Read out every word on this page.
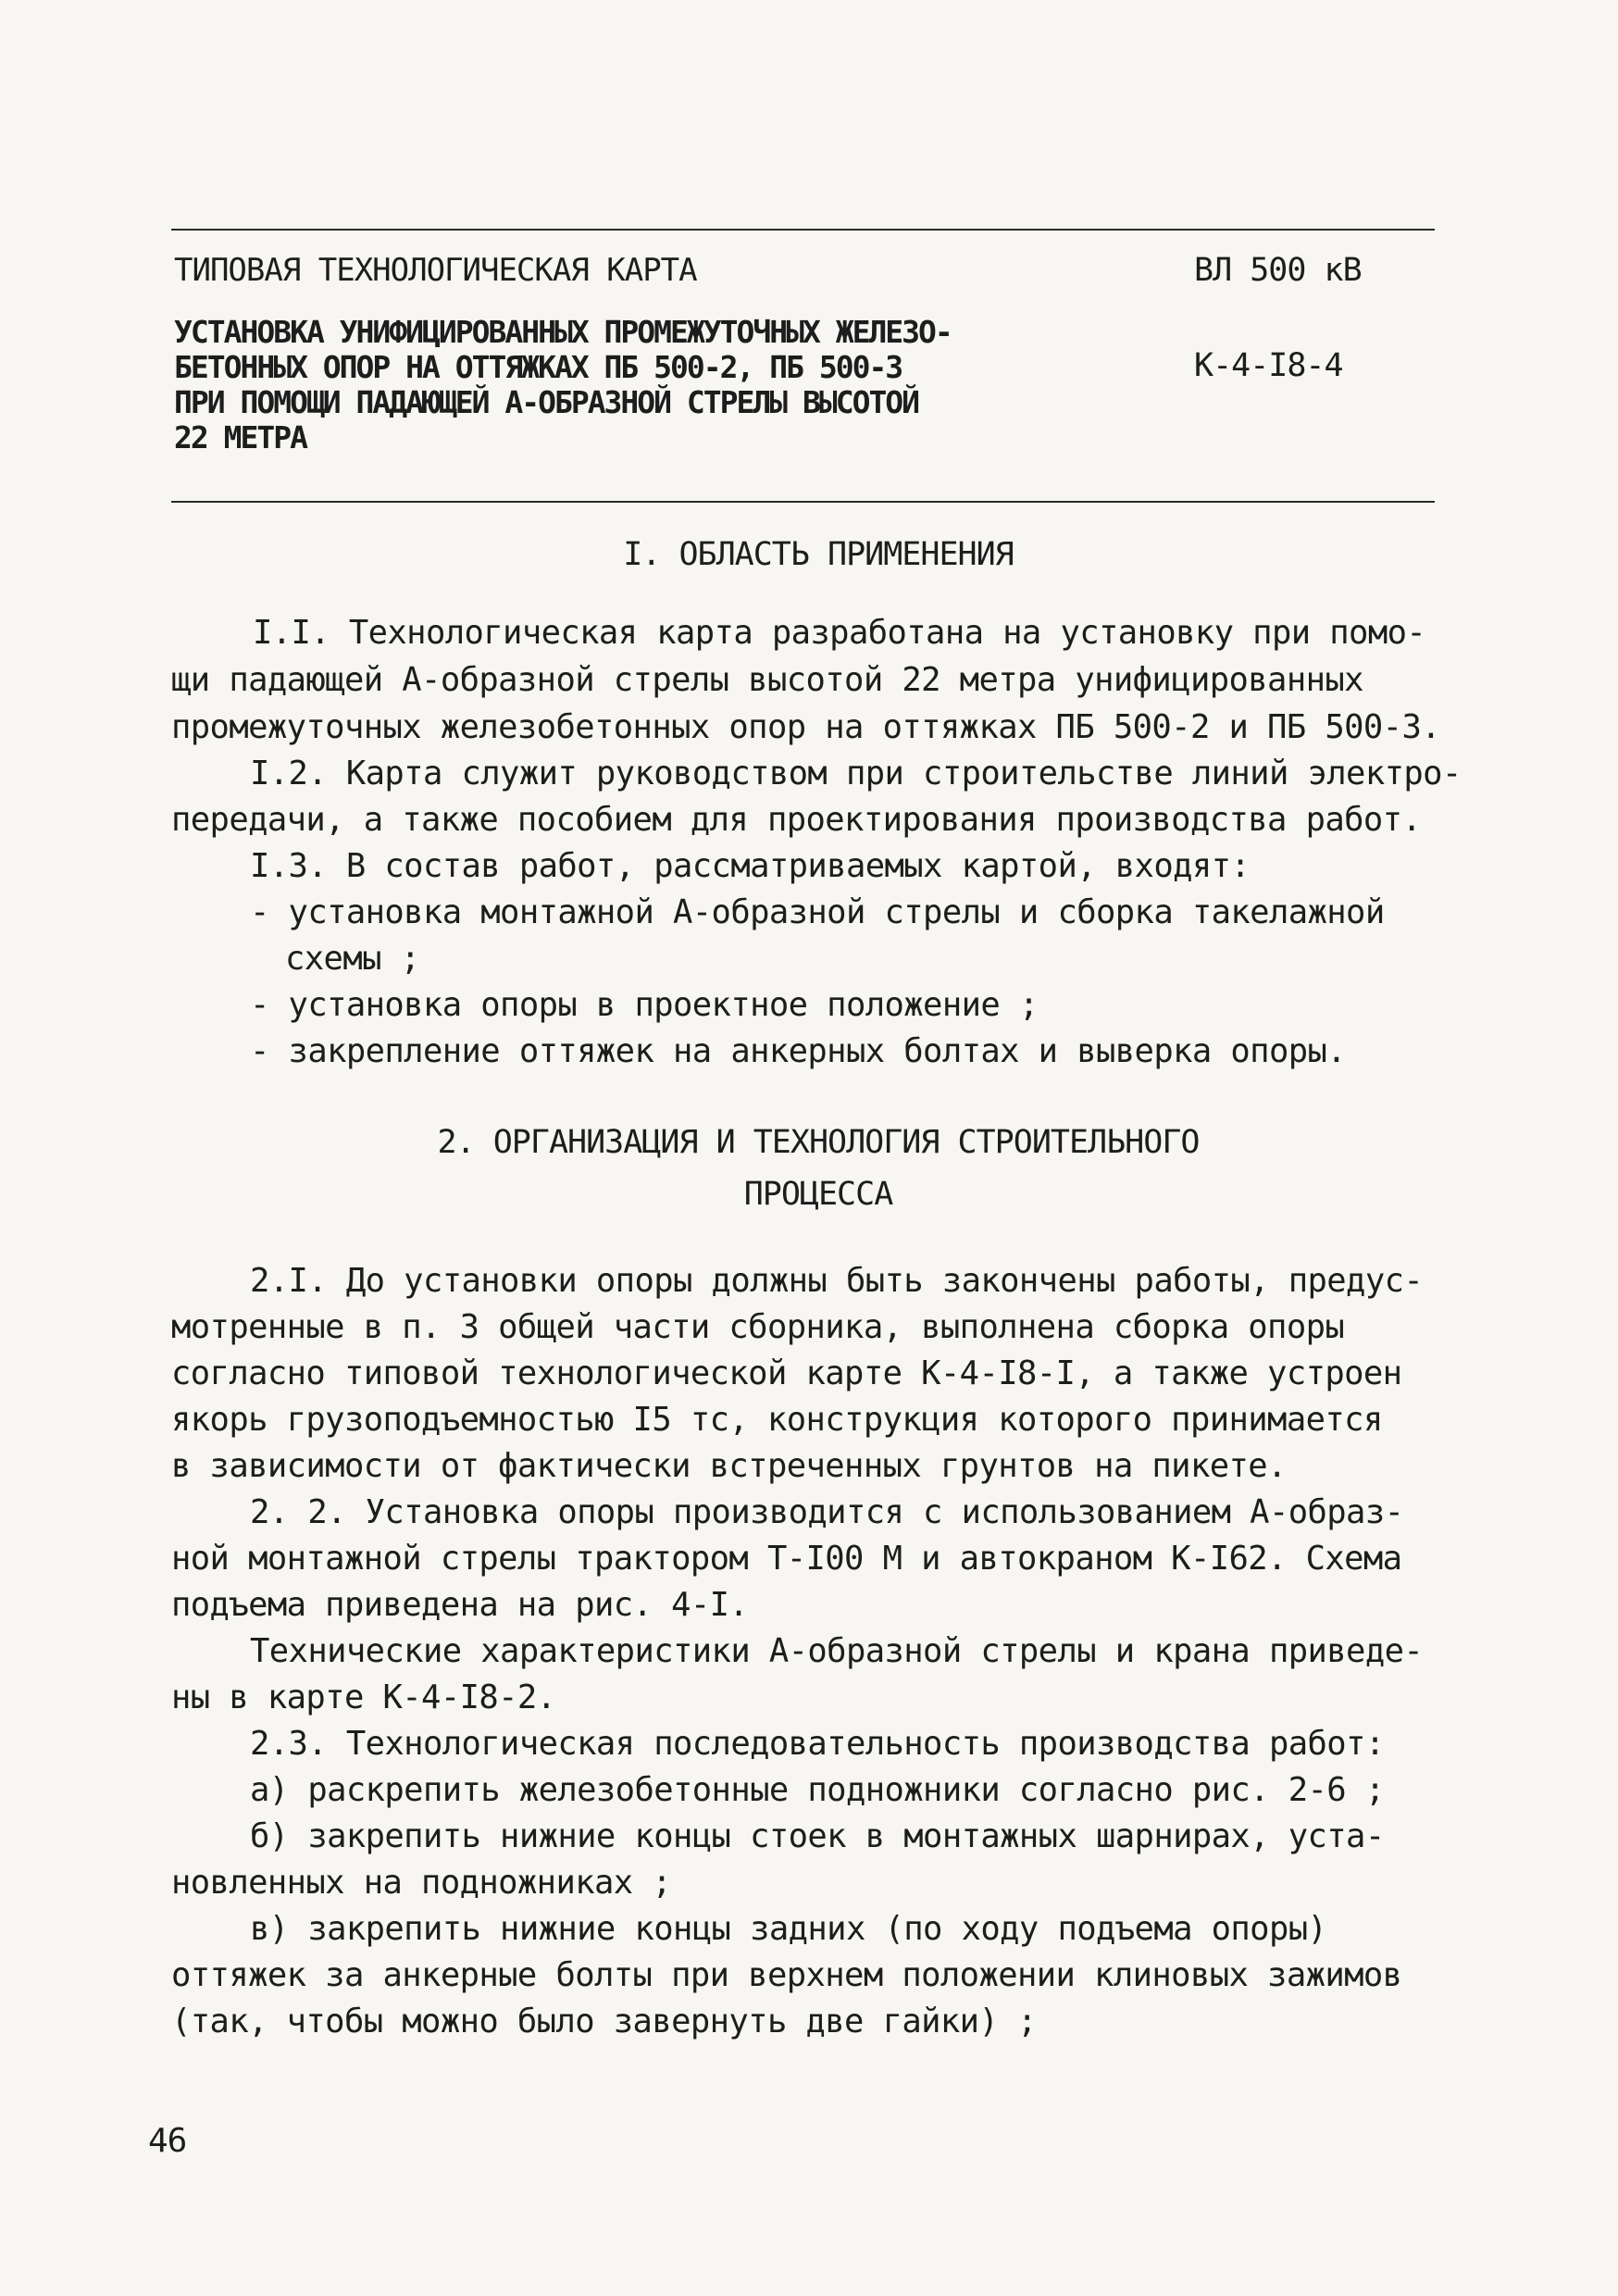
ТИПОВАЯ ТЕХНОЛОГИЧЕСКАЯ КАРТА	ВЛ 500 кВ
УСТАНОВКА УНИФИЦИРОВАННЫХ ПРОМЕЖУТОЧНЫХ ЖЕЛЕЗО-
БЕТОННЫХ ОПОР НА ОТТЯЖКАХ ПБ 500-2, ПБ 500-3
ПРИ ПОМОЩИ ПАДАЮЩЕЙ А-ОБРАЗНОЙ СТРЕЛЫ ВЫСОТОЙ
22 МЕТРА
К-4-I8-4
I. ОБЛАСТЬ ПРИМЕНЕНИЯ
I.I. Технологическая карта разработана на установку при помо-
щи падающей А-образной стрелы высотой 22 метра унифицированных
промежуточных железобетонных опор на оттяжках ПБ 500-2 и ПБ 500-3.
I.2. Карта служит руководством при строительстве линий электро-
передачи, а также пособием для проектирования производства работ.
I.3. В состав работ, рассматриваемых картой, входят:
- установка монтажной А-образной стрелы и сборка такелажной
схемы ;
- установка опоры в проектное положение ;
- закрепление оттяжек на анкерных болтах и выверка опоры.
2. ОРГАНИЗАЦИЯ И ТЕХНОЛОГИЯ СТРОИТЕЛЬНОГО
ПРОЦЕССА
2.I. До установки опоры должны быть закончены работы, предус-
мотренные в п. 3 общей части сборника, выполнена сборка опоры
согласно типовой технологической карте К-4-I8-I, а также устроен
якорь грузоподъемностью I5 тс, конструкция которого принимается
в зависимости от фактически встреченных грунтов на пикете.
2. 2. Установка опоры производится с использованием А-образ-
ной монтажной стрелы трактором Т-I00 М и автокраном К-I62. Схема
подъема приведена на рис. 4-I.
Технические характеристики А-образной стрелы и крана приведе-
ны в карте К-4-I8-2.
2.3. Технологическая последовательность производства работ:
а) раскрепить железобетонные подножники согласно рис. 2-6 ;
б) закрепить нижние концы стоек в монтажных шарнирах, уста-
новленных на подножниках ;
в) закрепить нижние концы задних (по ходу подъема опоры)
оттяжек за анкерные болты при верхнем положении клиновых зажимов
(так, чтобы можно было завернуть две гайки) ;
46
